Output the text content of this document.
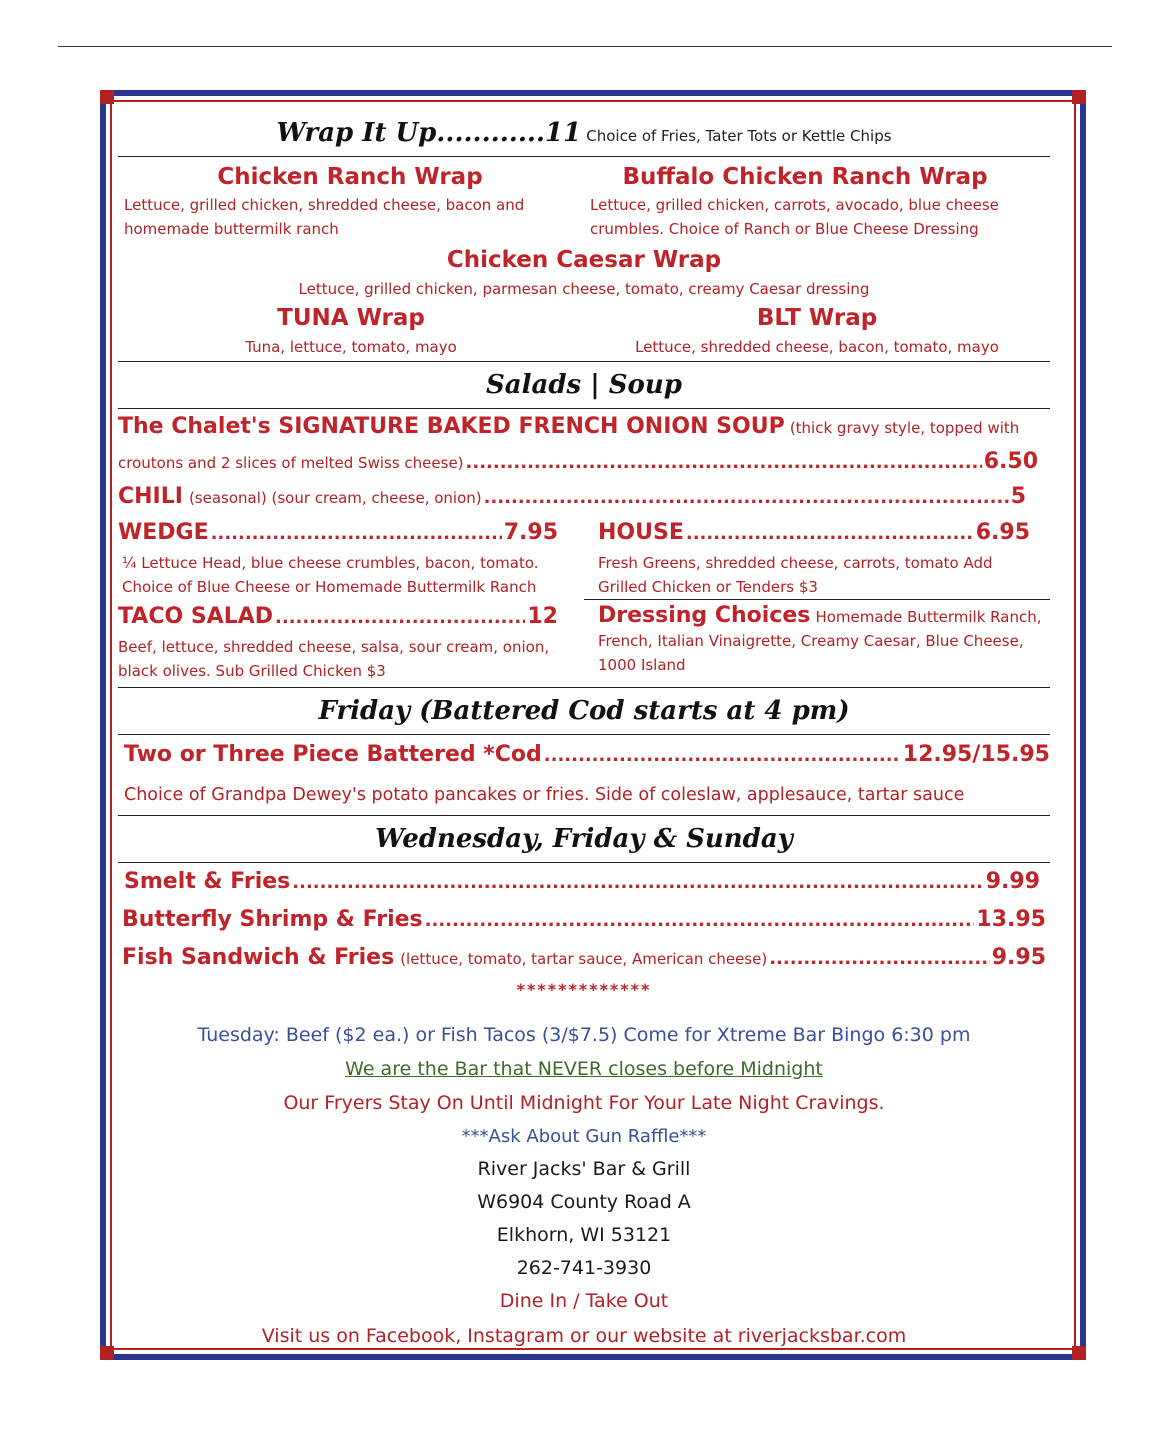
Wrap It Up............11 Choice of Fries, Tater Tots or Kettle Chips
Chicken Ranch Wrap
Lettuce, grilled chicken, shredded cheese, bacon and homemade buttermilk ranch
Buffalo Chicken Ranch Wrap
Lettuce, grilled chicken, carrots, avocado, blue cheese crumbles. Choice of Ranch or Blue Cheese Dressing
Chicken Caesar Wrap
Lettuce, grilled chicken, parmesan cheese, tomato, creamy Caesar dressing
TUNA Wrap
Tuna, lettuce, tomato, mayo
BLT Wrap
Lettuce, shredded cheese, bacon, tomato, mayo
Salads | Soup
The Chalet's SIGNATURE BAKED FRENCH ONION SOUP (thick gravy style, topped with
croutons and 2 slices of melted Swiss cheese) .....	6.50
CHILI (seasonal) (sour cream, cheese, onion) .....	5
WEDGE .....	7.95
¼ Lettuce Head, blue cheese crumbles, bacon, tomato. Choice of Blue Cheese or Homemade Buttermilk Ranch
HOUSE .....	6.95
Fresh Greens, shredded cheese, carrots, tomato Add Grilled Chicken or Tenders $3
TACO SALAD .....	12
Beef, lettuce, shredded cheese, salsa, sour cream, onion, black olives. Sub Grilled Chicken $3
Dressing Choices Homemade Buttermilk Ranch, French, Italian Vinaigrette, Creamy Caesar, Blue Cheese, 1000 Island
Friday (Battered Cod starts at 4 pm)
Two or Three Piece Battered *Cod .....	12.95/15.95
Choice of Grandpa Dewey's potato pancakes or fries. Side of coleslaw, applesauce, tartar sauce
Wednesday, Friday & Sunday
Smelt & Fries .....	9.99
Butterfly Shrimp & Fries .....	13.95
Fish Sandwich & Fries (lettuce, tomato, tartar sauce, American cheese) .....	9.95
*************
Tuesday: Beef ($2 ea.) or Fish Tacos (3/$7.5) Come for Xtreme Bar Bingo 6:30 pm
We are the Bar that NEVER closes before Midnight
Our Fryers Stay On Until Midnight For Your Late Night Cravings.
***Ask About Gun Raffle***
River Jacks' Bar & Grill
W6904 County Road A
Elkhorn, WI 53121
262-741-3930
Dine In / Take Out
Visit us on Facebook, Instagram or our website at riverjacksbar.com
